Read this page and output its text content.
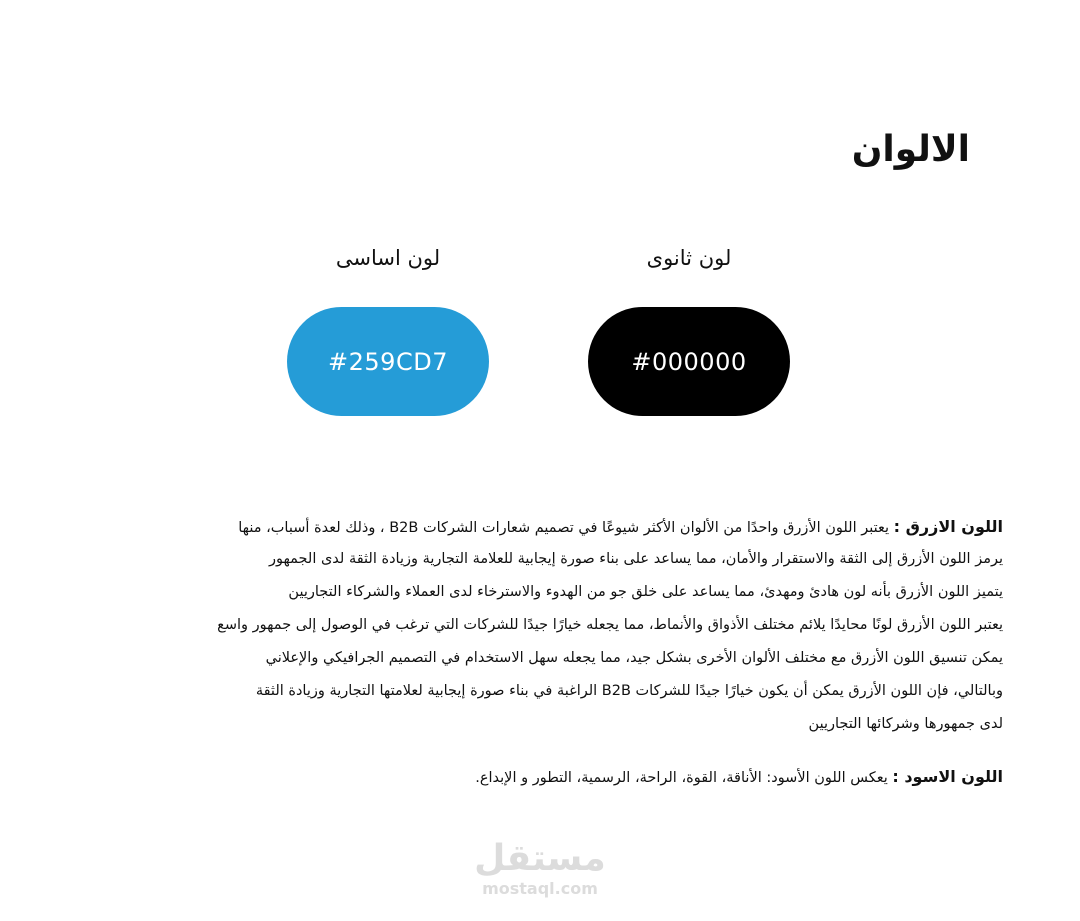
الالوان
لون اساسى
#259CD7
لون ثانوى
#000000
اللون الازرق : يعتبر اللون الأزرق واحدًا من الألوان الأكثر شيوعًا في تصميم شعارات الشركات B2B ، وذلك لعدة أسباب، منها
يرمز اللون الأزرق إلى الثقة والاستقرار والأمان، مما يساعد على بناء صورة إيجابية للعلامة التجارية وزيادة الثقة لدى الجمهور
يتميز اللون الأزرق بأنه لون هادئ ومهدئ، مما يساعد على خلق جو من الهدوء والاسترخاء لدى العملاء والشركاء التجاريين
يعتبر اللون الأزرق لونًا محايدًا يلائم مختلف الأذواق والأنماط، مما يجعله خيارًا جيدًا للشركات التي ترغب في الوصول إلى جمهور واسع
يمكن تنسيق اللون الأزرق مع مختلف الألوان الأخرى بشكل جيد، مما يجعله سهل الاستخدام في التصميم الجرافيكي والإعلاني
وبالتالي، فإن اللون الأزرق يمكن أن يكون خيارًا جيدًا للشركات B2B الراغبة في بناء صورة إيجابية لعلامتها التجارية وزيادة الثقة
لدى جمهورها وشركائها التجاريين
اللون الاسود : يعكس اللون الأسود: الأناقة، القوة، الراحة، الرسمية، التطور و الإبداع.
مستقل
mostaql.com
